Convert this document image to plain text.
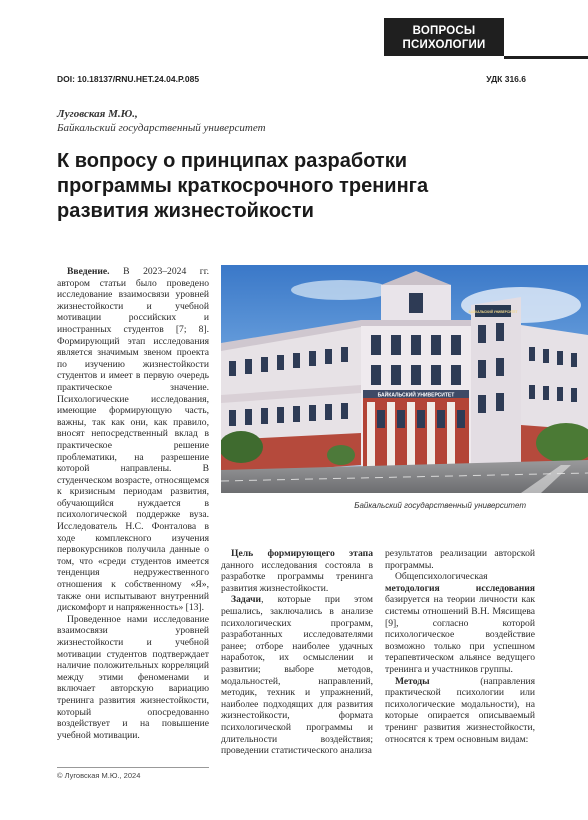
ВОПРОСЫ
ПСИХОЛОГИИ
DOI: 10.18137/RNU.HET.24.04.P.085	УДК 316.6
Луговская М.Ю.,
Байкальский государственный университет
К вопросу о принципах разработки
программы краткосрочного тренинга
развития жизнестойкости

Введение. В 2023–2024 гг. автором статьи было проведено исследование взаимосвязи уровней жизнестойкости и учебной мотивации российских и иностранных студентов [7; 8]. Формирующий этап исследования является значимым звеном проекта по изучению жизнестойкости студентов и имеет в первую очередь практическое значение. Психологические исследования, имеющие формирующую часть, важны, так как они, как правило, вносят непосредственный вклад в практическое решение проблематики, на разрешение которой направлены. В студенческом возрасте, относящемся к кризисным периодам развития, обучающийся нуждается в психологической поддержке вуза. Исследователь Н.С. Фонталова в ходе комплексного изучения первокурсников получила данные о том, что «среди студентов имеется тенденция недружественного отношения к собственному «Я», также они испытывают внутренний дискомфорт и напряженность» [13].

Проведенное нами исследование взаимосвязи уровней жизнестойкости и учебной мотивации студентов подтверждает наличие положительных корреляций между этими феноменами и включает авторскую вариацию тренинга развития жизнестойкости, который опосредованно воздействует и на повышение учебной мотивации.

БАЙКАЛЬСКИЙ УНИВЕРСИТЕТ
БАЙКАЛЬСКИЙ УНИВЕРСИТЕТ
Байкальский государственный университет

Цель формирующего этапа данного исследования состояла в разработке программы тренинга развития жизнестойкости.

Задачи, которые при этом решались, заключались в анализе психологических программ, разработанных исследователями ранее; отборе наиболее удачных наработок, их осмыслении и развитии; выборе методов, модальностей, направлений, методик, техник и упражнений, наиболее подходящих для развития жизнестойкости, формата психологической программы и длительности воздействия; проведении статистического анализа

результатов реализации авторской программы.

Общепсихологическая методология исследования базируется на теории личности как системы отношений В.Н. Мясищева [9], согласно которой психологическое воздействие возможно только при успешном терапевтическом альянсе ведущего тренинга и участников группы.

Методы	(направления практической психологии или психологические модальности), на которые опирается описываемый тренинг развития жизнестойкости, относятся к трем основным видам:

© Луговская М.Ю., 2024
